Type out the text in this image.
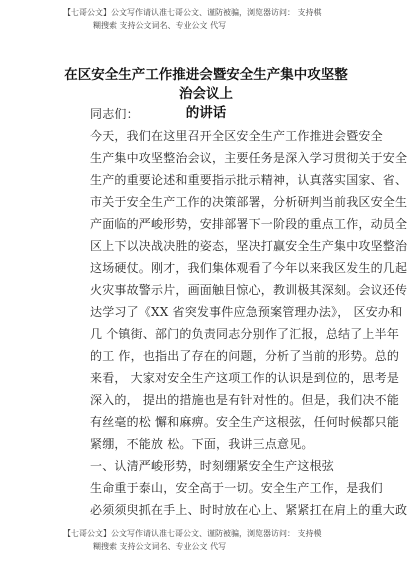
【七哥公文】公文写作请认准七哥公文、谨防被骗，浏览器访问： 支持棋
糊搜索 支持公文词名、专业公文 代写
在区安全生产工作推进会暨安全生产集中攻坚整治会议上
的讲话
同志们：
今天，我们在这里召开全区安全生产工作推进会暨安全
生产集中攻坚整治会议，主要任务是深入学习贯彻关于安全
生产的重要论述和重要指示批示精神，认真落实国家、省、
市关于安全生产工作的决策部署，分析研判当前我区安全生
产面临的严峻形势，安排部署下一阶段的重点工作，动员全
区上下以决战决胜的姿态，坚决打赢安全生产集中攻坚整治
这场硬仗。刚才，我们集体观看了今年以来我区发生的几起
火灾事故警示片，画面触目惊心，教训极其深刻。会议还传
达学习了《XX 省突发事件应急预案管理办法》， 区安办和
几 个镇街、部门的负责同志分别作了汇报，总结了上半年
的工 作，也指出了存在的问题，分析了当前的形势。总的
来看， 大家对安全生产这项工作的认识是到位的，思考是
深入的， 提出的措施也是有针对性的。但是，我们决不能
有丝毫的松 懈和麻痹。安全生产这根弦，任何时候都只能
紧绷，不能放 松。下面，我讲三点意见。
一、认清严峻形势，时刻绷紧安全生产这根弦
生命重于泰山，安全高于一切。安全生产工作，是我们
必须须臾抓在手上、时时放在心上、紧紧扛在肩上的重大政
【七哥公文】公文写作请认准七哥公文、谨防被骗，浏览器访问： 支持模
糊搜索 支持公文词名、专业公文 代写
